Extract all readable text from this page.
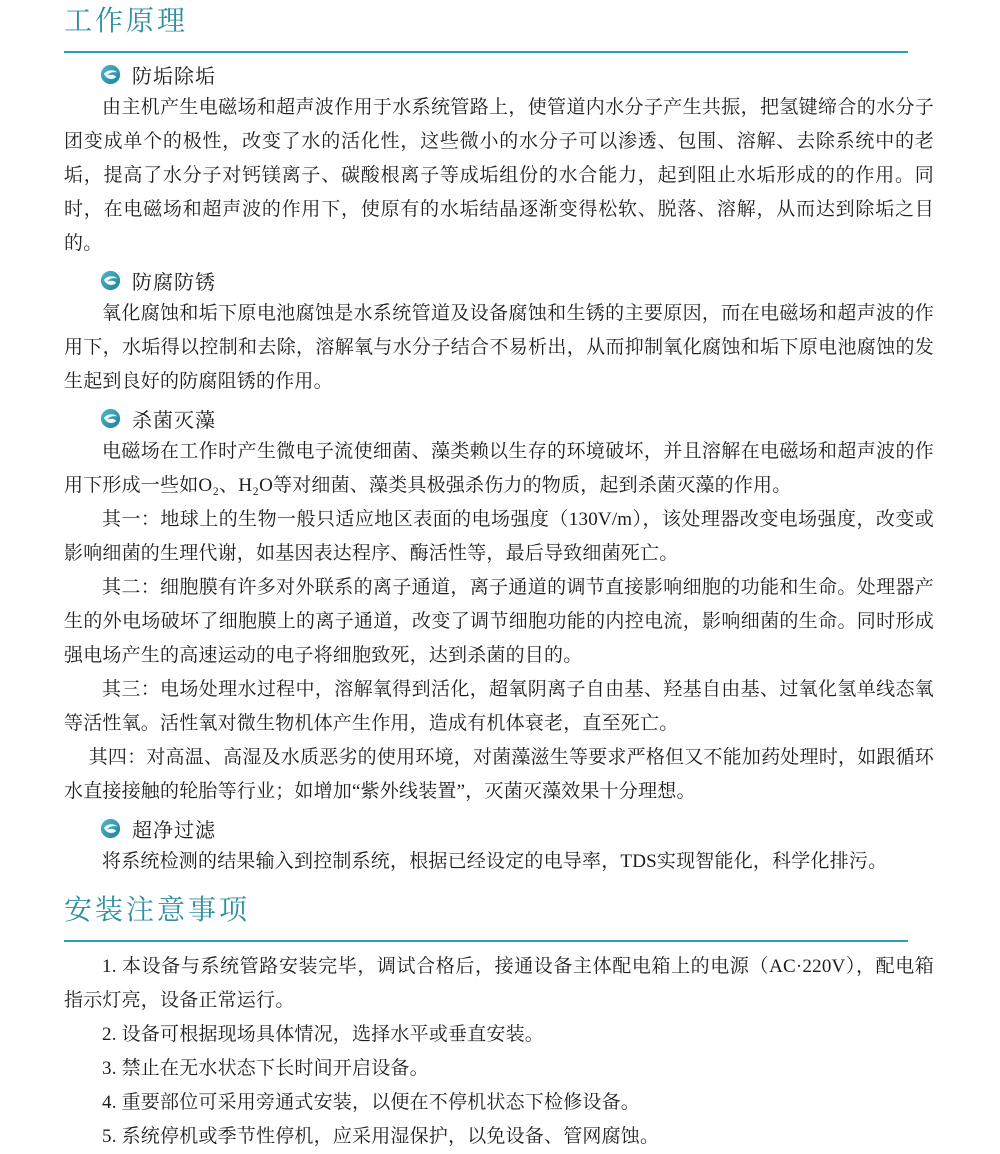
工作原理
防垢除垢

由主机产生电磁场和超声波作用于水系统管路上，使管道内水分子产生共振，把氢键缔合的水分子团变成单个的极性，改变了水的活化性，这些微小的水分子可以渗透、包围、溶解、去除系统中的老垢，提高了水分子对钙镁离子、碳酸根离子等成垢组份的水合能力，起到阻止水垢形成的的作用。同时，在电磁场和超声波的作用下，使原有的水垢结晶逐渐变得松软、脱落、溶解，从而达到除垢之目的。

防腐防锈

氧化腐蚀和垢下原电池腐蚀是水系统管道及设备腐蚀和生锈的主要原因，而在电磁场和超声波的作用下，水垢得以控制和去除，溶解氧与水分子结合不易析出，从而抑制氧化腐蚀和垢下原电池腐蚀的发生起到良好的防腐阻锈的作用。

杀菌灭藻

电磁场在工作时产生微电子流使细菌、藻类赖以生存的环境破坏，并且溶解在电磁场和超声波的作用下形成一些如O₂、H₂O等对细菌、藻类具极强杀伤力的物质，起到杀菌灭藻的作用。

其一：地球上的生物一般只适应地区表面的电场强度（130V/m），该处理器改变电场强度，改变或影响细菌的生理代谢，如基因表达程序、酶活性等，最后导致细菌死亡。

其二：细胞膜有许多对外联系的离子通道，离子通道的调节直接影响细胞的功能和生命。处理器产生的外电场破坏了细胞膜上的离子通道，改变了调节细胞功能的内控电流，影响细菌的生命。同时形成强电场产生的高速运动的电子将细胞致死，达到杀菌的目的。

其三：电场处理水过程中，溶解氧得到活化，超氧阴离子自由基、羟基自由基、过氧化氢单线态氧等活性氧。活性氧对微生物机体产生作用，造成有机体衰老，直至死亡。

其四：对高温、高湿及水质恶劣的使用环境，对菌藻滋生等要求严格但又不能加药处理时，如跟循环水直接接触的轮胎等行业；如增加“紫外线装置”，灭菌灭藻效果十分理想。

超净过滤

将系统检测的结果输入到控制系统，根据已经设定的电导率，TDS实现智能化，科学化排污。

安装注意事项

1. 本设备与系统管路安装完毕，调试合格后，接通设备主体配电箱上的电源（AC·220V），配电箱指示灯亮，设备正常运行。

2. 设备可根据现场具体情况，选择水平或垂直安装。

3. 禁止在无水状态下长时间开启设备。

4. 重要部位可采用旁通式安装，以便在不停机状态下检修设备。

5. 系统停机或季节性停机，应采用湿保护，以免设备、管网腐蚀。
